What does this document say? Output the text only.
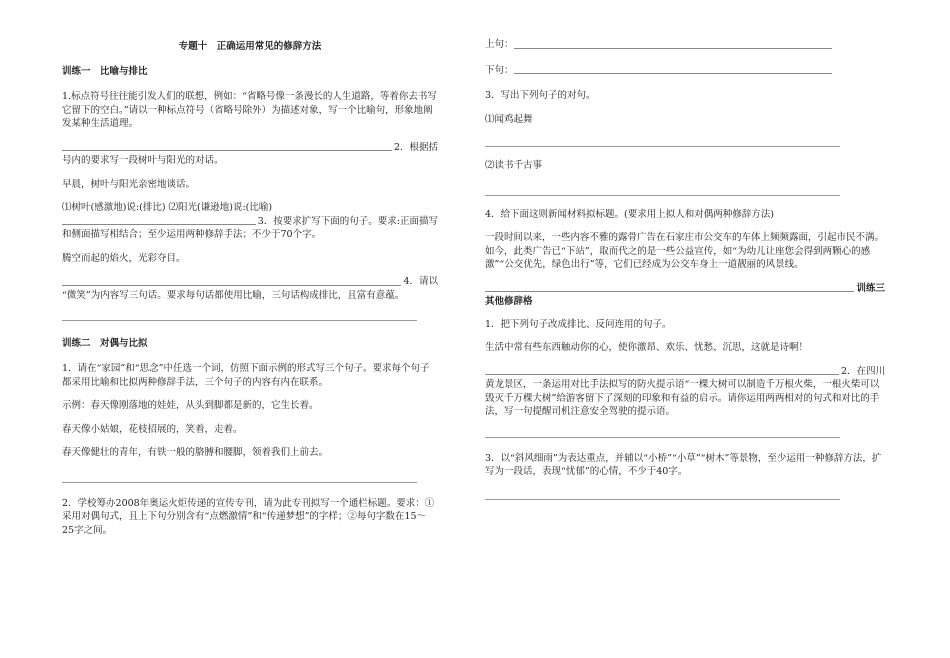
专题十　正确运用常见的修辞方法

训练一　比喻与排比

1.标点符号往往能引发人们的联想，例如：“省略号像一条漫长的人生道路，等着你去书写它留下的空白。”请以一种标点符号（省略号除外）为描述对象，写一个比喻句，形象地阐发某种生活道理。

2．根据括

号内的要求写一段树叶与阳光的对话。

早晨，树叶与阳光亲密地谈话。

⑴树叶(感激地)说:(排比) ⑵阳光(谦逊地)说:(比喻)

3．按要求扩写下面的句子。要求:正面描写

和侧面描写相结合；至少运用两种修辞手法；不少于70个字。

腾空而起的焰火，光彩夺目。

4．请以

“微笑”为内容写三句话。要求每句话都使用比喻，三句话构成排比，且富有意蕴。

训练二　对偶与比拟

1．请在“家园”和“思念”中任选一个词，仿照下面示例的形式写三个句子。要求每个句子都采用比喻和比拟两种修辞手法，三个句子的内容有内在联系。

示例：春天像刚落地的娃娃，从头到脚都是新的，它生长着。

春天像小姑娘，花枝招展的，笑着，走着。

春天像健壮的青年，有铁一般的胳膊和腰脚，领着我们上前去。

2．学校筹办2008年奥运火炬传递的宣传专刊，请为此专刊拟写一个通栏标题。要求：①采用对偶句式，且上下句分别含有“点燃激情”和“传递梦想”的字样；②每句字数在15～25字之间。

上句：
下句：

3．写出下列句子的对句。

⑴闻鸡起舞

⑵读书千古事

4．给下面这则新闻材料拟标题。(要求用上拟人和对偶两种修辞方法)

一段时间以来，一些内容不雅的露骨广告在石家庄市公交车的车体上频频露面，引起市民不满。如今，此类广告已“下站”，取而代之的是一些公益宣传，如“为幼儿让座您会得到两颗心的感激”“公交优先，绿色出行”等，它们已经成为公交车身上一道靓丽的风景线。

训练三

其他修辞格

1．把下列句子改成排比、反问连用的句子。

生活中常有些东西触动你的心，使你激昂、欢乐、忧愁、沉思，这就是诗啊！

2．在四川

黄龙景区，一条运用对比手法拟写的防火提示语“一棵大树可以制造千万根火柴，一根火柴可以毁灭千万棵大树”给游客留下了深刻的印象和有益的启示。请你运用两两相对的句式和对比的手法，写一句提醒司机注意安全驾驶的提示语。

3．以“斜风细雨”为表达重点，并辅以“小桥”“小草”“树木”等景物，至少运用一种修辞方法，扩写为一段话，表现“忧郁”的心情，不少于40字。
